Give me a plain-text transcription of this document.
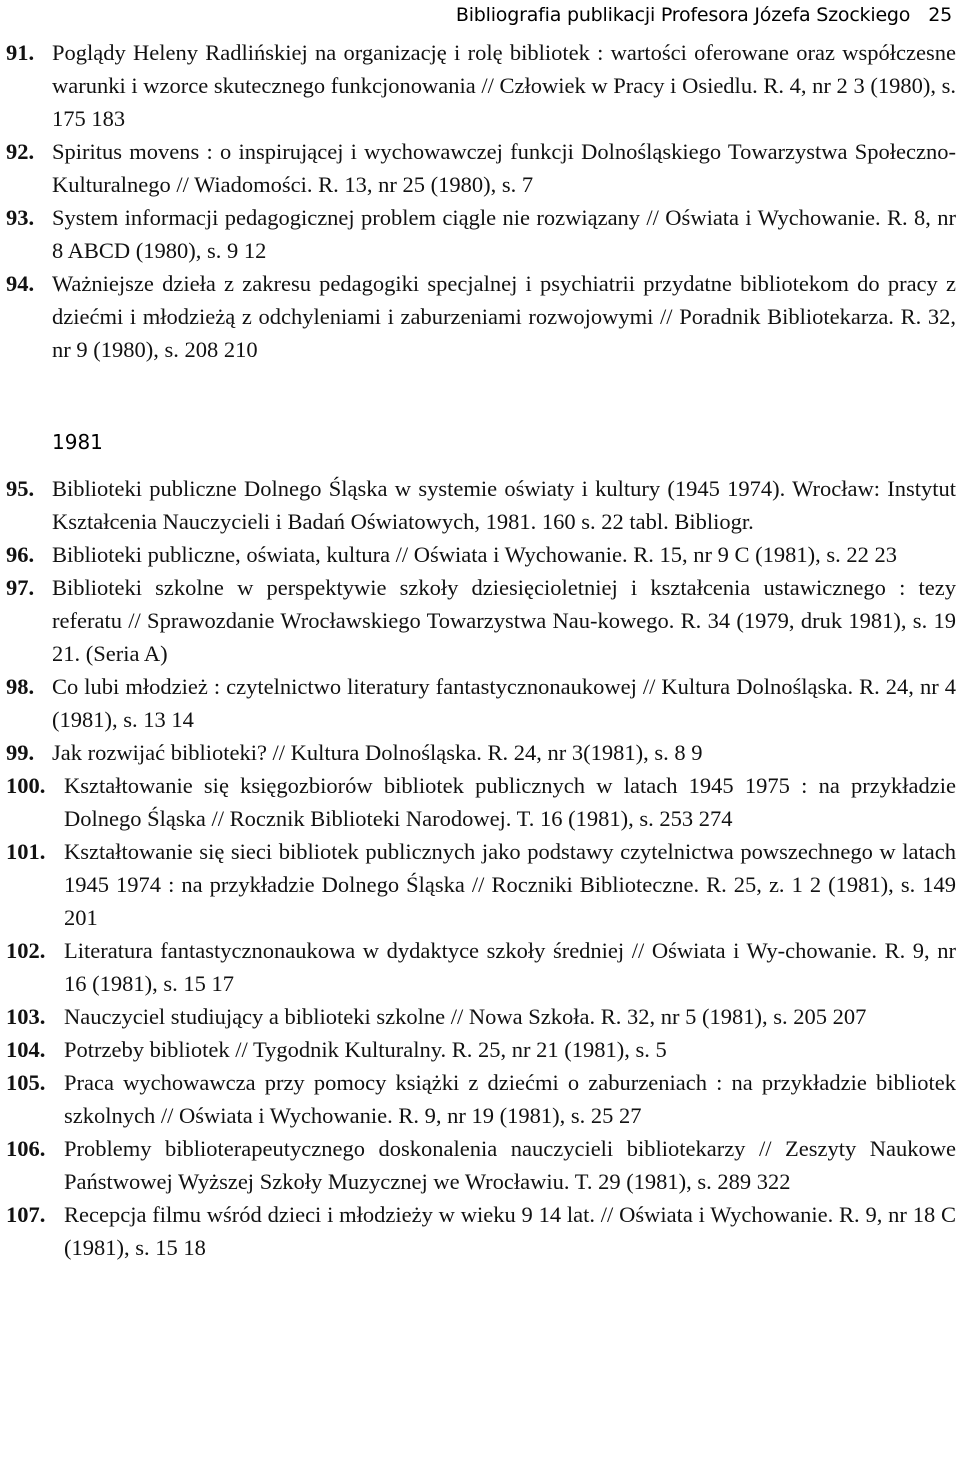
Bibliografia publikacji Profesora Józefa Szockiego 25
91. Poglądy Heleny Radlińskiej na organizację i rolę bibliotek : wartości oferowane oraz współczesne warunki i wzorce skutecznego funkcjonowania // Człowiek w Pracy i Osiedlu. R. 4, nr 2 3 (1980), s. 175 183
92. Spiritus movens : o inspirującej i wychowawczej funkcji Dolnośląskiego Towarzystwa Społeczno-Kulturalnego // Wiadomości. R. 13, nr 25 (1980), s. 7
93. System informacji pedagogicznej problem ciągle nie rozwiązany // Oświata i Wychowanie. R. 8, nr 8 ABCD (1980), s. 9 12
94. Ważniejsze dzieła z zakresu pedagogiki specjalnej i psychiatrii przydatne bibliotekom do pracy z dziećmi i młodzieżą z odchyleniami i zaburzeniami rozwojowymi // Poradnik Bibliotekarza. R. 32, nr 9 (1980), s. 208 210
1981
95. Biblioteki publiczne Dolnego Śląska w systemie oświaty i kultury (1945 1974). Wrocław: Instytut Kształcenia Nauczycieli i Badań Oświatowych, 1981. 160 s. 22 tabl. Bibliogr.
96. Biblioteki publiczne, oświata, kultura // Oświata i Wychowanie. R. 15, nr 9 C (1981), s. 22 23
97. Biblioteki szkolne w perspektywie szkoły dziesięcioletniej i kształcenia ustawicznego : tezy referatu // Sprawozdanie Wrocławskiego Towarzystwa Nau-kowego. R. 34 (1979, druk 1981), s. 19 21. (Seria A)
98. Co lubi młodzież : czytelnictwo literatury fantastycznonaukowej // Kultura Dolnośląska. R. 24, nr 4 (1981), s. 13 14
99. Jak rozwijać biblioteki? // Kultura Dolnośląska. R. 24, nr 3(1981), s. 8 9
100. Kształtowanie się księgozbiorów bibliotek publicznych w latach 1945 1975 : na przykładzie Dolnego Śląska // Rocznik Biblioteki Narodowej. T. 16 (1981), s. 253 274
101. Kształtowanie się sieci bibliotek publicznych jako podstawy czytelnictwa powszechnego w latach 1945 1974 : na przykładzie Dolnego Śląska // Roczniki Biblioteczne. R. 25, z. 1 2 (1981), s. 149 201
102. Literatura fantastycznonaukowa w dydaktyce szkoły średniej // Oświata i Wy-chowanie. R. 9, nr 16 (1981), s. 15 17
103. Nauczyciel studiujący a biblioteki szkolne // Nowa Szkoła. R. 32, nr 5 (1981), s. 205 207
104. Potrzeby bibliotek // Tygodnik Kulturalny. R. 25, nr 21 (1981), s. 5
105. Praca wychowawcza przy pomocy książki z dziećmi o zaburzeniach : na przykładzie bibliotek szkolnych // Oświata i Wychowanie. R. 9, nr 19 (1981), s. 25 27
106. Problemy biblioterapeutycznego doskonalenia nauczycieli bibliotekarzy // Zeszyty Naukowe Państwowej Wyższej Szkoły Muzycznej we Wrocławiu. T. 29 (1981), s. 289 322
107. Recepcja filmu wśród dzieci i młodzieży w wieku 9 14 lat. // Oświata i Wychowanie. R. 9, nr 18 C (1981), s. 15 18
